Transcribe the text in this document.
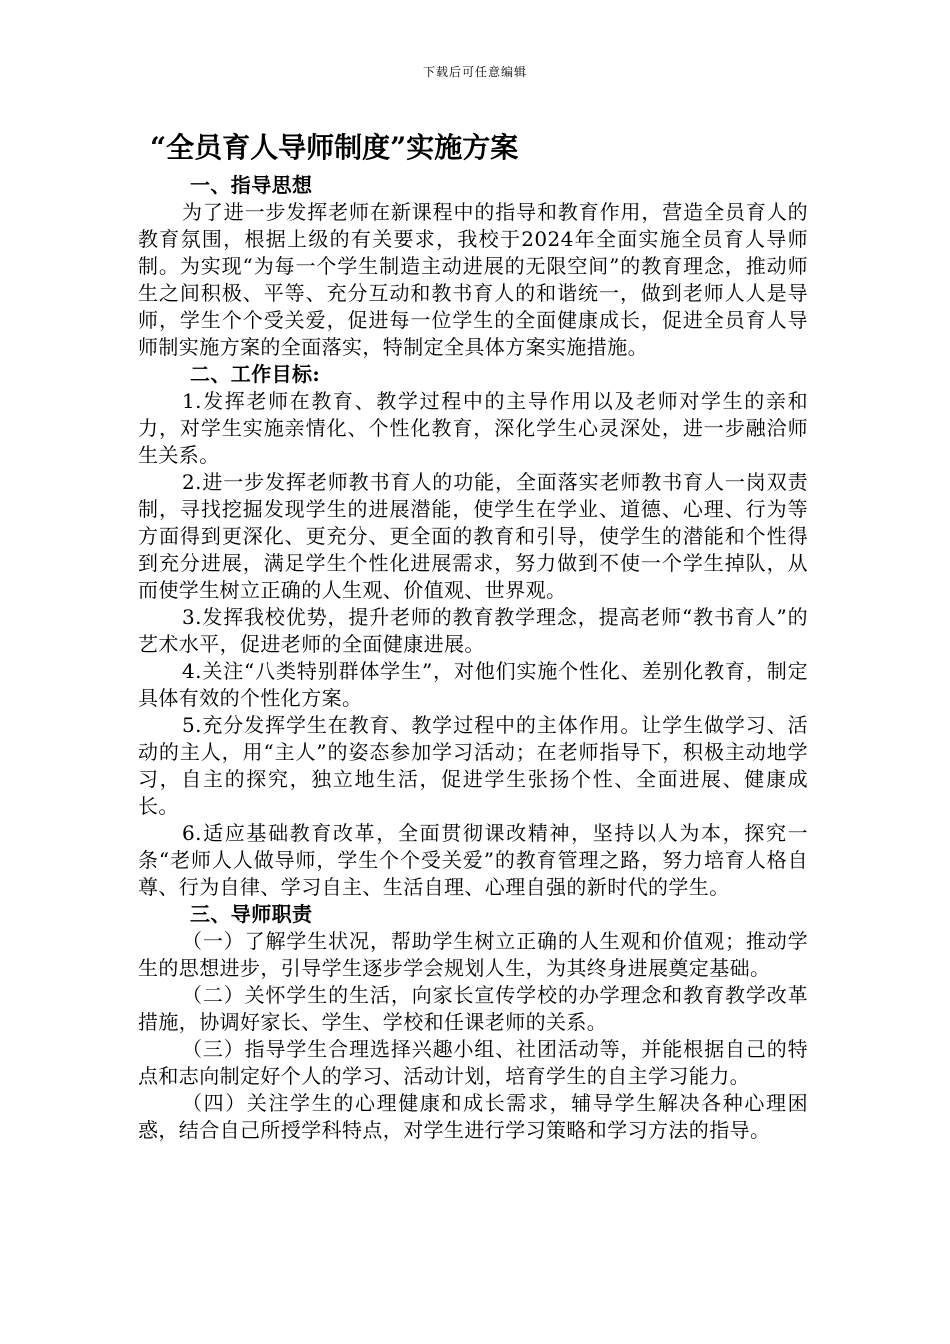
下载后可任意编辑
“全员育人导师制度”实施方案
一、指导思想

为了进一步发挥老师在新课程中的指导和教育作用，营造全员育人的教育氛围，根据上级的有关要求，我校于2024年全面实施全员育人导师制。为实现“为每一个学生制造主动进展的无限空间”的教育理念，推动师生之间积极、平等、充分互动和教书育人的和谐统一，做到老师人人是导师，学生个个受关爱，促进每一位学生的全面健康成长，促进全员育人导师制实施方案的全面落实，特制定全具体方案实施措施。

二、工作目标:

1.发挥老师在教育、教学过程中的主导作用以及老师对学生的亲和力，对学生实施亲情化、个性化教育，深化学生心灵深处，进一步融洽师生关系。

2.进一步发挥老师教书育人的功能，全面落实老师教书育人一岗双责制，寻找挖掘发现学生的进展潜能，使学生在学业、道德、心理、行为等方面得到更深化、更充分、更全面的教育和引导，使学生的潜能和个性得到充分进展，满足学生个性化进展需求，努力做到不使一个学生掉队，从而使学生树立正确的人生观、价值观、世界观。

3.发挥我校优势，提升老师的教育教学理念，提高老师“教书育人”的艺术水平，促进老师的全面健康进展。

4.关注“八类特别群体学生”，对他们实施个性化、差别化教育，制定具体有效的个性化方案。

5.充分发挥学生在教育、教学过程中的主体作用。让学生做学习、活动的主人，用“主人”的姿态参加学习活动；在老师指导下，积极主动地学习，自主的探究，独立地生活，促进学生张扬个性、全面进展、健康成长。

6.适应基础教育改革，全面贯彻课改精神，坚持以人为本，探究一条“老师人人做导师，学生个个受关爱”的教育管理之路，努力培育人格自尊、行为自律、学习自主、生活自理、心理自强的新时代的学生。

三、导师职责

（一）了解学生状况，帮助学生树立正确的人生观和价值观；推动学生的思想进步，引导学生逐步学会规划人生，为其终身进展奠定基础。

（二）关怀学生的生活，向家长宣传学校的办学理念和教育教学改革措施，协调好家长、学生、学校和任课老师的关系。

（三）指导学生合理选择兴趣小组、社团活动等，并能根据自己的特点和志向制定好个人的学习、活动计划，培育学生的自主学习能力。

（四）关注学生的心理健康和成长需求，辅导学生解决各种心理困惑，结合自己所授学科特点，对学生进行学习策略和学习方法的指导。
